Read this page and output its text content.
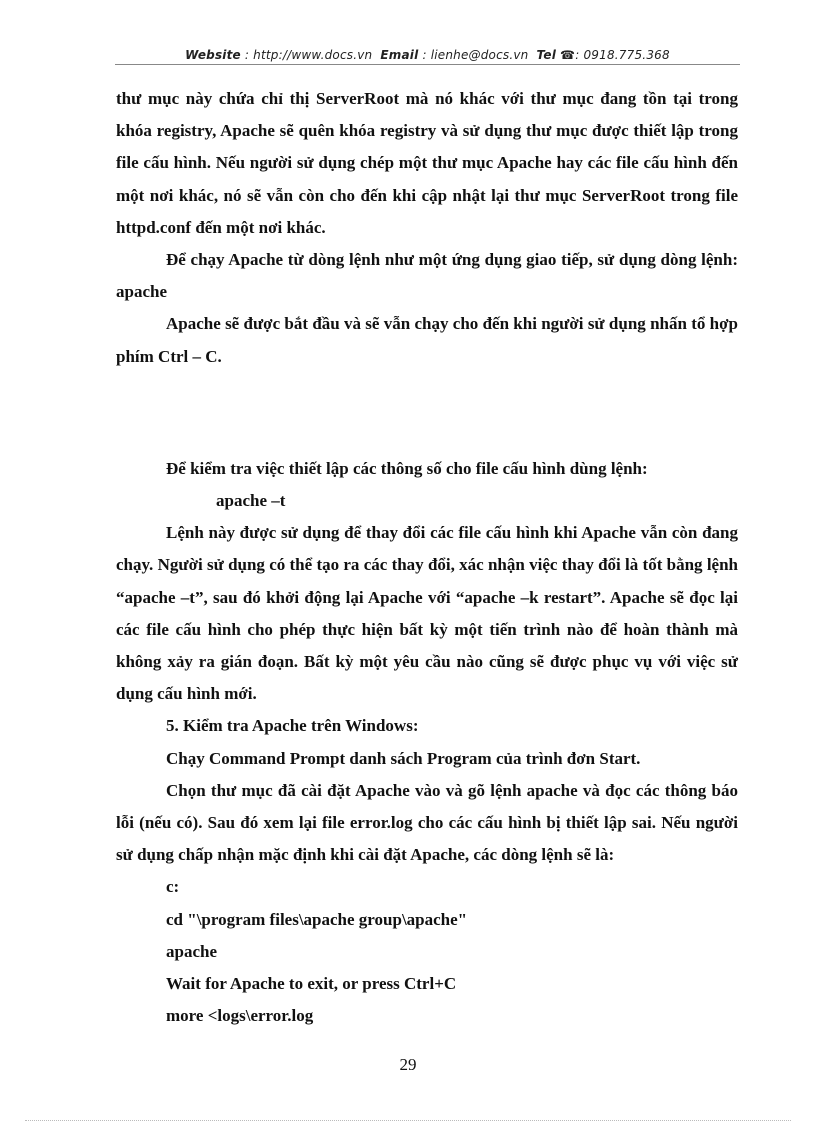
Website : http://www.docs.vn Email : lienhe@docs.vn Tel ☎: 0918.775.368

thư mục này chứa chỉ thị ServerRoot mà nó khác với thư mục đang tồn tại trong khóa registry, Apache sẽ quên khóa registry và sử dụng thư mục được thiết lập trong file cấu hình. Nếu người sử dụng chép một thư mục Apache hay các file cấu hình đến một nơi khác, nó sẽ vẫn còn cho đến khi cập nhật lại thư mục ServerRoot trong file httpd.conf đến một nơi khác.

Để chạy Apache từ dòng lệnh như một ứng dụng giao tiếp, sử dụng dòng lệnh: apache

Apache sẽ được bắt đầu và sẽ vẫn chạy cho đến khi người sử dụng nhấn tổ hợp phím Ctrl – C.

Để kiểm tra việc thiết lập các thông số cho file cấu hình dùng lệnh:

apache –t

Lệnh này được sử dụng để thay đổi các file cấu hình khi Apache vẫn còn đang chạy. Người sử dụng có thể tạo ra các thay đổi, xác nhận việc thay đổi là tốt bằng lệnh “apache –t”, sau đó khởi động lại Apache với “apache –k restart”. Apache sẽ đọc lại các file cấu hình cho phép thực hiện bất kỳ một tiến trình nào để hoàn thành mà không xảy ra gián đoạn. Bất kỳ một yêu cầu nào cũng sẽ được phục vụ với việc sử dụng cấu hình mới.

5. Kiểm tra Apache trên Windows:

Chạy Command Prompt danh sách Program của trình đơn Start.

Chọn thư mục đã cài đặt Apache vào và gõ lệnh apache và đọc các thông báo lỗi (nếu có). Sau đó xem lại file error.log cho các cấu hình bị thiết lập sai. Nếu người sử dụng chấp nhận mặc định khi cài đặt Apache, các dòng lệnh sẽ là:

c:

cd "\program files\apache group\apache"

apache

Wait for Apache to exit, or press Ctrl+C

more <logs\error.log

29
